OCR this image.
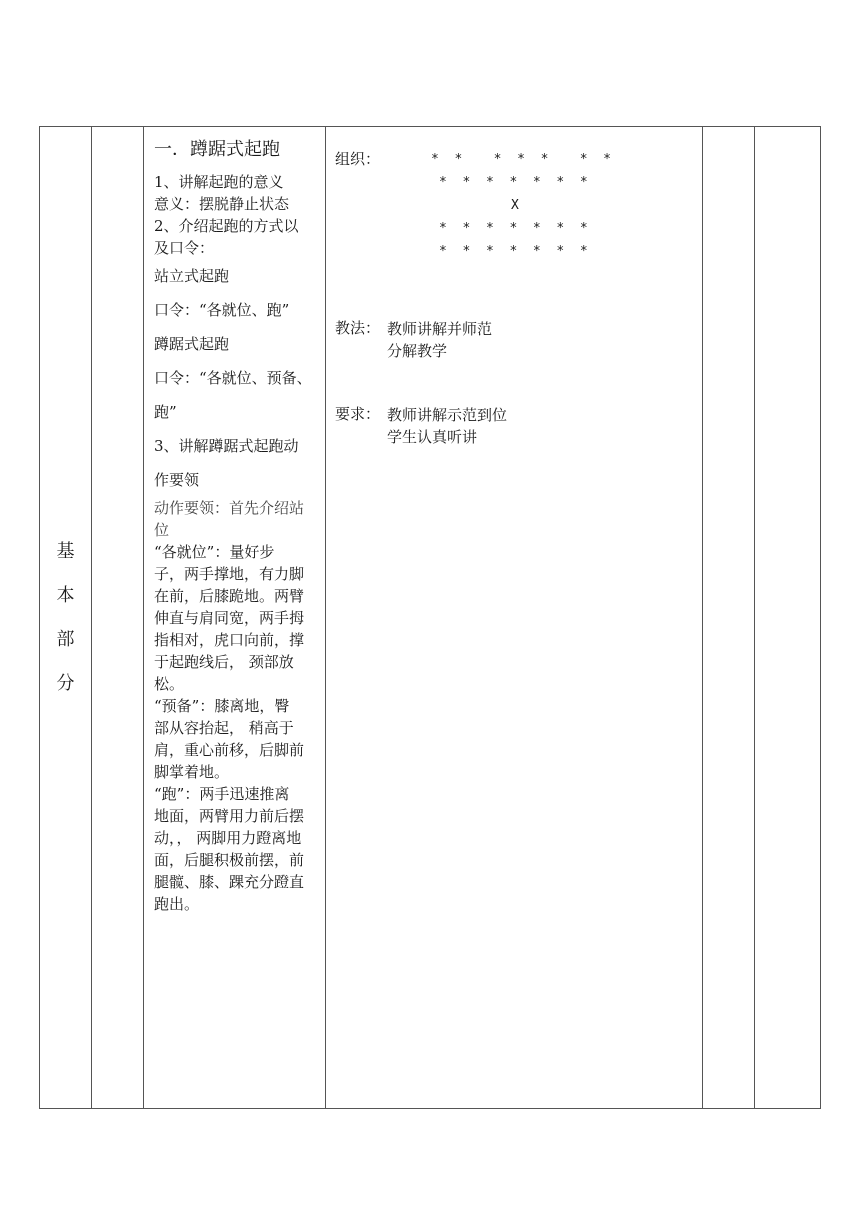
基本部分		
一．蹲踞式起跑
1、讲解起跑的意义
意义：摆脱静止状态
2、介绍起跑的方式以
及口令：
站立式起跑
口令：“各就位、跑”
蹲踞式起跑
口令：“各就位、预备、
跑”
3、讲解蹲踞式起跑动
作要领
动作要领：首先介绍站
位
“各就位”：量好步
子，两手撑地，有力脚
在前，后膝跪地。两臂
伸直与肩同宽，两手拇
指相对，虎口向前，撑
于起跑线后， 颈部放
松。
“预备”：膝离地，臀
部从容抬起， 稍高于
肩，重心前移，后脚前
脚掌着地。
“跑”：两手迅速推离
地面，两臂用力前后摆
动，， 两脚用力蹬离地
面，后腿积极前摆，前
腿髋、膝、踝充分蹬直
跑出。

组织：	*  *    *  *  *    *  *
*  *  *  *  *  *  *
X
*  *  *  *  *  *  *
*  *  *  *  *  *  *
教法： 教师讲解并师范
分解教学
要求： 教师讲解示范到位
学生认真听讲
